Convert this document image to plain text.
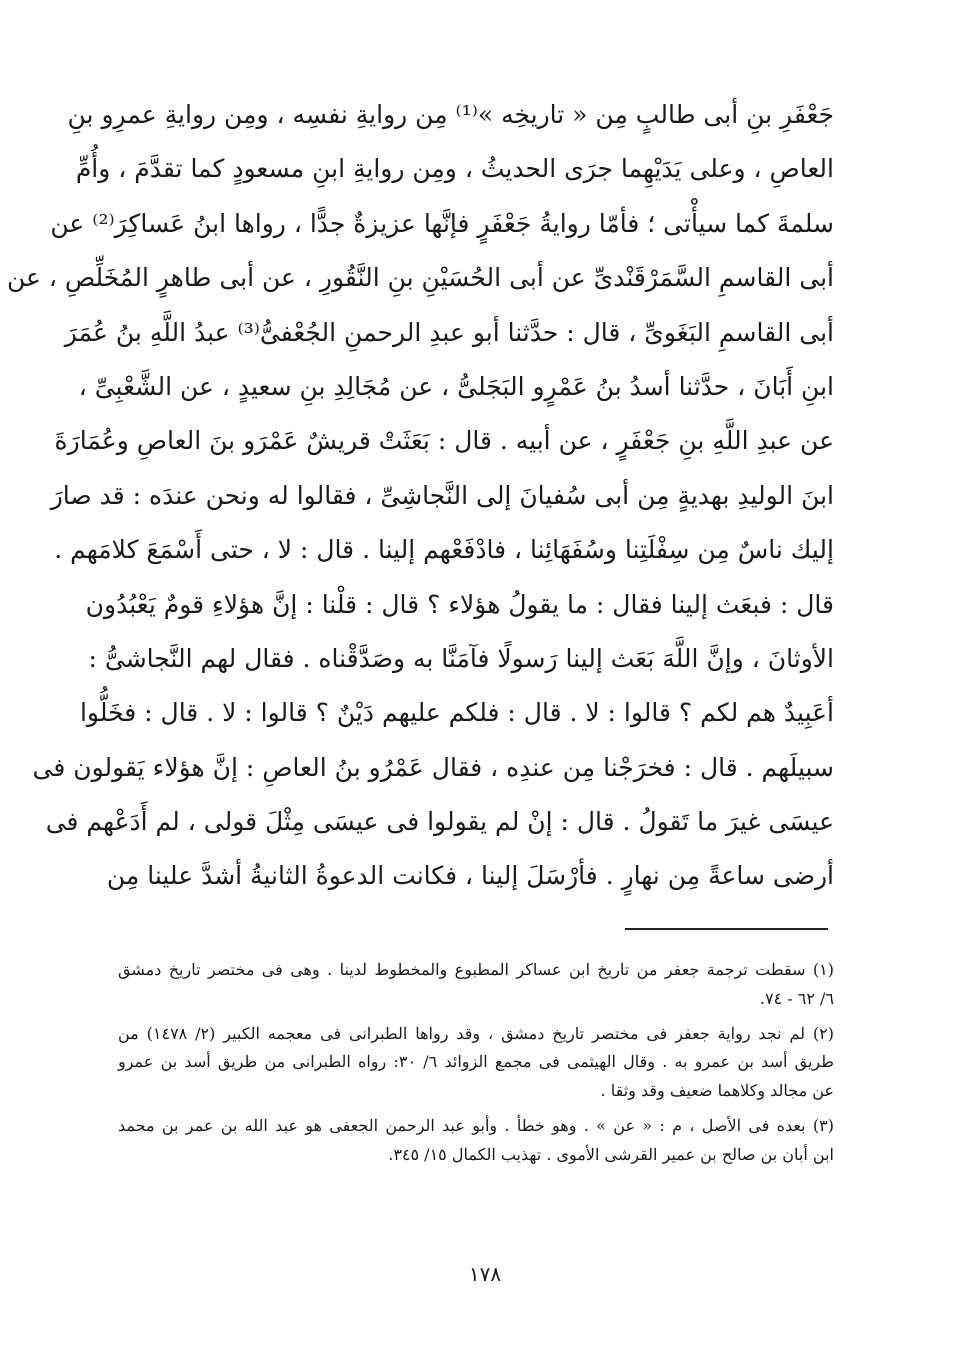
جَعْفَرِ بنِ أبى طالبٍ مِن « تاريخِه »⁽¹⁾ مِن روايةِ نفسِه ، ومِن روايةِ عمرِو بنِ
العاصِ ، وعلى يَدَيْهِما جرَى الحديثُ ، ومِن روايةِ ابنِ مسعودٍ كما تقدَّمَ ، وأُمِّ
سلمةَ كما سيأْتى ؛ فأمّا روايةُ جَعْفَرٍ فإنَّها عزيزةٌ جدًّا ، رواها ابنُ عَساكِرَ⁽²⁾ عن
أبى القاسمِ السَّمَرْقَنْدىِّ عن أبى الحُسَيْنِ بنِ النَّقُورِ ، عن أبى طاهرٍ المُخَلِّصِ ، عن
أبى القاسمِ البَغَوىِّ ، قال : حدَّثنا أبو عبدِ الرحمنِ الجُعْفىُّ⁽³⁾ عبدُ اللَّهِ بنُ عُمَرَ
ابنِ أَبَانَ ، حدَّثنا أسدُ بنُ عَمْرٍو البَجَلىُّ ، عن مُجَالِدِ بنِ سعيدٍ ، عن الشَّعْبِىِّ ،
عن عبدِ اللَّهِ بنِ جَعْفَرٍ ، عن أبيه . قال : بَعَثَتْ قريشٌ عَمْرَو بنَ العاصِ وعُمَارَةَ
ابنَ الوليدِ بهديةٍ مِن أبى سُفيانَ إلى النَّجاشِىِّ ، فقالوا له ونحن عندَه : قد صارَ
إليك ناسٌ مِن سِفْلَتِنا وسُفَهَائِنا ، فادْفَعْهم إلينا . قال : لا ، حتى أَسْمَعَ كلامَهم .
قال : فبعَث إلينا فقال : ما يقولُ هؤلاء ؟ قال : قلْنا : إنَّ هؤلاءِ قومٌ يَعْبُدُون
الأوثانَ ، وإنَّ اللَّهَ بَعَث إلينا رَسولًا فآمَنَّا به وصَدَّقْناه . فقال لهم النَّجاشىُّ :
أعَبِيدٌ هم لكم ؟ قالوا : لا . قال : فلكم عليهم دَيْنٌ ؟ قالوا : لا . قال : فخَلُّوا
سبيلَهم . قال : فخرَجْنا مِن عندِه ، فقال عَمْرُو بنُ العاصِ : إنَّ هؤلاء يَقولون فى
عيسَى غيرَ ما تَقولُ . قال : إنْ لم يقولوا فى عيسَى مِثْلَ قولى ، لم أَدَعْهم فى
أرضى ساعةً مِن نهارٍ . فأرْسَلَ إلينا ، فكانت الدعوةُ الثانيةُ أشدَّ علينا مِن
(١) سقطت ترجمة جعفر من تاريخ ابن عساكر المطبوع والمخطوط لدينا . وهى فى مختصر تاريخ دمشق
٦/ ٦٢ - ٧٤.
(٢) لم نجد رواية جعفر فى مختصر تاريخ دمشق ، وقد رواها الطبرانى فى معجمه الكبير (٢/ ١٤٧٨) من
طريق أسد بن عمرو به . وقال الهيثمى فى مجمع الزوائد ٦/ ٣٠: رواه الطبرانى من طريق أسد بن عمرو
عن مجالد وكلاهما ضعيف وقد وثقا .
(٣) بعده فى الأصل ، م : « عن » . وهو خطأ . وأبو عبد الرحمن الجعفى هو عبد الله بن عمر بن محمد
ابن أبان بن صالح بن عمير القرشى الأموى . تهذيب الكمال ١٥/ ٣٤٥.
١٧٨
